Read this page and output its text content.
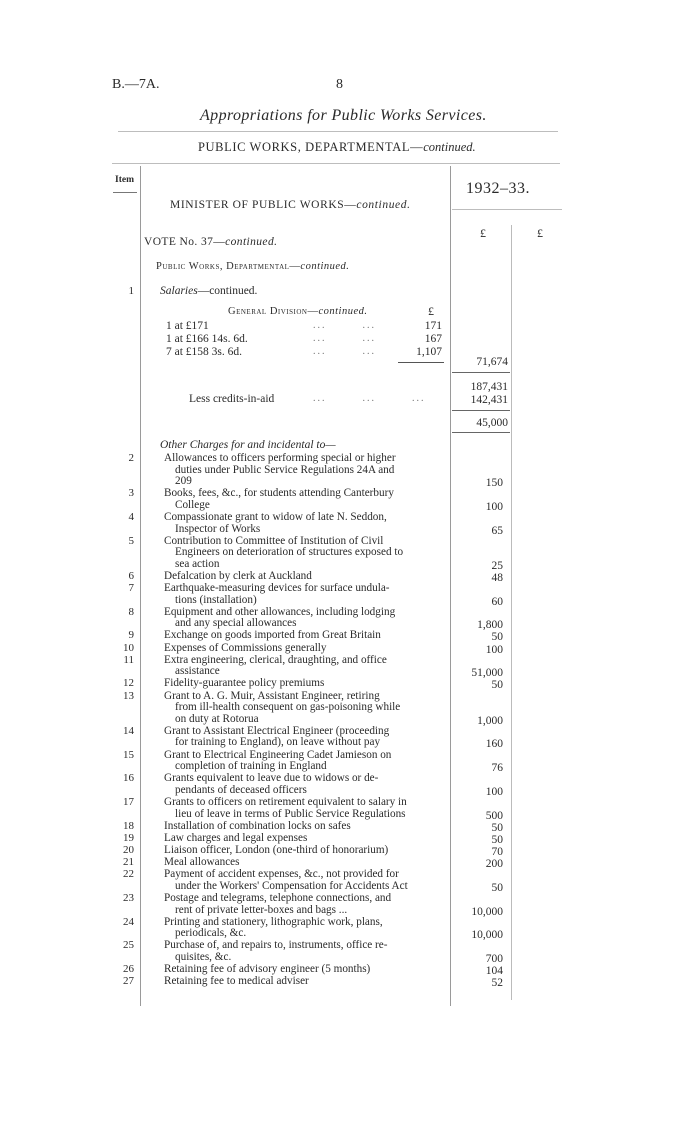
B.—7A.	8
Appropriations for Public Works Services.
PUBLIC WORKS, DEPARTMENTAL—continued.
Item	1932–33.
£	£
MINISTER OF PUBLIC WORKS—continued.
VOTE No. 37—continued.
Public Works, Departmental—continued.
1 Salaries—continued.
General Division—continued.	£
1 at £171	...        ...	171
1 at £166 14s. 6d.	...        ...	167
7 at £158 3s. 6d.	...        ...	1,107
71,674
187,431
Less credits-in-aid	...        ...        ...	142,431
45,000
Other Charges for and incidental to—
2	Allowances to officers performing special or higher
duties under Public Service Regulations 24A and
209	150
3	Books, fees, &c., for students attending Canterbury
College	100
4	Compassionate grant to widow of late N. Seddon,
Inspector of Works	65
5	Contribution to Committee of Institution of Civil
Engineers on deterioration of structures exposed to
sea action	25
6	Defalcation by clerk at Auckland	48
7	Earthquake-measuring devices for surface undula-
tions (installation)	60
8	Equipment and other allowances, including lodging
and any special allowances	1,800
9	Exchange on goods imported from Great Britain	50
10	Expenses of Commissions generally	100
11	Extra engineering, clerical, draughting, and office
assistance	51,000
12	Fidelity-guarantee policy premiums	50
13	Grant to A. G. Muir, Assistant Engineer, retiring
from ill-health consequent on gas-poisoning while
on duty at Rotorua	1,000
14	Grant to Assistant Electrical Engineer (proceeding
for training to England), on leave without pay	160
15	Grant to Electrical Engineering Cadet Jamieson on
completion of training in England	76
16	Grants equivalent to leave due to widows or de-
pendants of deceased officers	100
17	Grants to officers on retirement equivalent to salary in
lieu of leave in terms of Public Service Regulations	500
18	Installation of combination locks on safes	50
19	Law charges and legal expenses	50
20	Liaison officer, London (one-third of honorarium)	70
21	Meal allowances	200
22	Payment of accident expenses, &c., not provided for
under the Workers' Compensation for Accidents Act	50
23	Postage and telegrams, telephone connections, and
rent of private letter-boxes and bags ...	10,000
24	Printing and stationery, lithographic work, plans,
periodicals, &c.	10,000
25	Purchase of, and repairs to, instruments, office re-
quisites, &c.	700
26	Retaining fee of advisory engineer (5 months)	104
27	Retaining fee to medical adviser	52
